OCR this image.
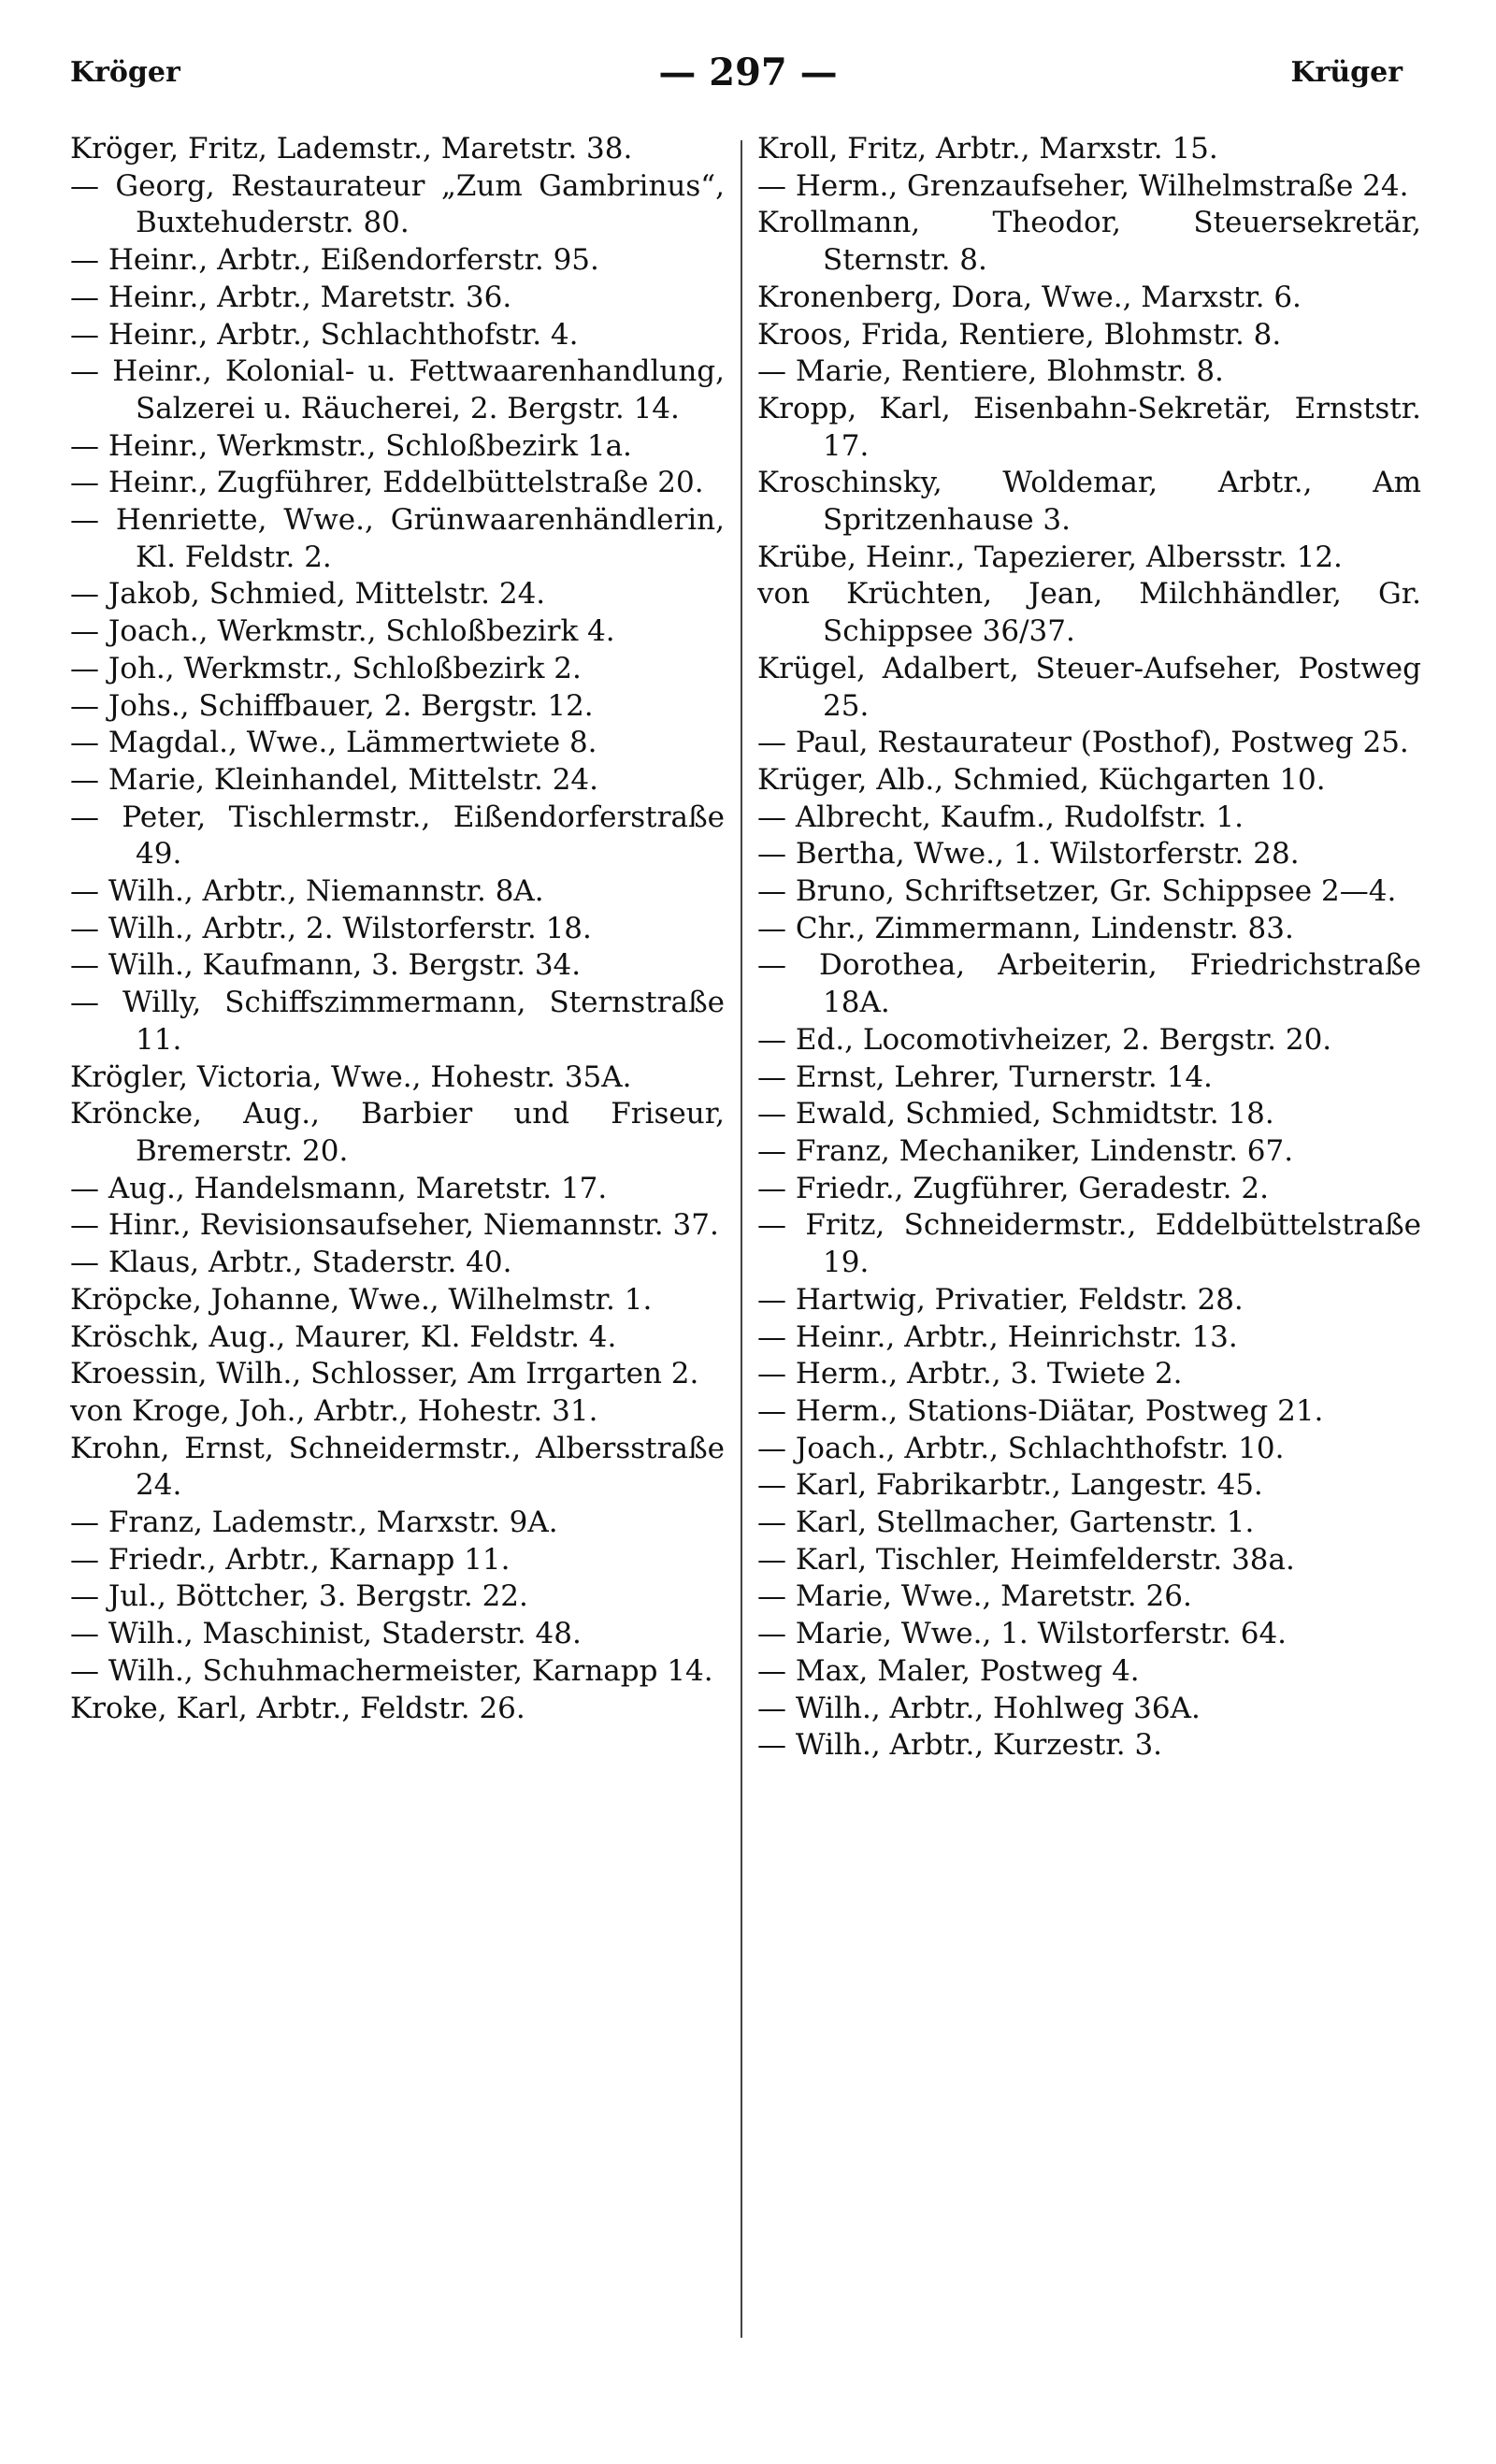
Kröger	— 297 —	Krüger

Kröger, Fritz, Lademstr., Maretstr. 38.

— Georg, Restaurateur „Zum Gambrinus“, Buxtehuderstr. 80.

— Heinr., Arbtr., Eißendorferstr. 95.

— Heinr., Arbtr., Maretstr. 36.

— Heinr., Arbtr., Schlachthofstr. 4.

— Heinr., Kolonial- u. Fettwaarenhandlung, Salzerei u. Räucherei, 2. Bergstr. 14.

— Heinr., Werkmstr., Schloßbezirk 1a.

— Heinr., Zugführer, Eddelbüttelstraße 20.

— Henriette, Wwe., Grünwaarenhändlerin, Kl. Feldstr. 2.

— Jakob, Schmied, Mittelstr. 24.

— Joach., Werkmstr., Schloßbezirk 4.

— Joh., Werkmstr., Schloßbezirk 2.

— Johs., Schiffbauer, 2. Bergstr. 12.

— Magdal., Wwe., Lämmertwiete 8.

— Marie, Kleinhandel, Mittelstr. 24.

— Peter, Tischlermstr., Eißendorferstraße 49.

— Wilh., Arbtr., Niemannstr. 8A.

— Wilh., Arbtr., 2. Wilstorferstr. 18.

— Wilh., Kaufmann, 3. Bergstr. 34.

— Willy, Schiffszimmermann, Sternstraße 11.

Krögler, Victoria, Wwe., Hohestr. 35A.

Kröncke, Aug., Barbier und Friseur, Bremerstr. 20.

— Aug., Handelsmann, Maretstr. 17.

— Hinr., Revisionsaufseher, Niemannstr. 37.

— Klaus, Arbtr., Staderstr. 40.

Kröpcke, Johanne, Wwe., Wilhelmstr. 1.

Kröschk, Aug., Maurer, Kl. Feldstr. 4.

Kroessin, Wilh., Schlosser, Am Irrgarten 2.

von Kroge, Joh., Arbtr., Hohestr. 31.

Krohn, Ernst, Schneidermstr., Albersstraße 24.

— Franz, Lademstr., Marxstr. 9A.

— Friedr., Arbtr., Karnapp 11.

— Jul., Böttcher, 3. Bergstr. 22.

— Wilh., Maschinist, Staderstr. 48.

— Wilh., Schuhmachermeister, Karnapp 14.

Kroke, Karl, Arbtr., Feldstr. 26.

Kroll, Fritz, Arbtr., Marxstr. 15.

— Herm., Grenzaufseher, Wilhelmstraße 24.

Krollmann, Theodor, Steuersekretär, Sternstr. 8.

Kronenberg, Dora, Wwe., Marxstr. 6.

Kroos, Frida, Rentiere, Blohmstr. 8.

— Marie, Rentiere, Blohmstr. 8.

Kropp, Karl, Eisenbahn-Sekretär, Ernststr. 17.

Kroschinsky, Woldemar, Arbtr., Am Spritzenhause 3.

Krübe, Heinr., Tapezierer, Albersstr. 12.

von Krüchten, Jean, Milchhändler, Gr. Schippsee 36/37.

Krügel, Adalbert, Steuer-Aufseher, Postweg 25.

— Paul, Restaurateur (Posthof), Postweg 25.

Krüger, Alb., Schmied, Küchgarten 10.

— Albrecht, Kaufm., Rudolfstr. 1.

— Bertha, Wwe., 1. Wilstorferstr. 28.

— Bruno, Schriftsetzer, Gr. Schippsee 2—4.

— Chr., Zimmermann, Lindenstr. 83.

— Dorothea, Arbeiterin, Friedrichstraße 18A.

— Ed., Locomotivheizer, 2. Bergstr. 20.

— Ernst, Lehrer, Turnerstr. 14.

— Ewald, Schmied, Schmidtstr. 18.

— Franz, Mechaniker, Lindenstr. 67.

— Friedr., Zugführer, Geradestr. 2.

— Fritz, Schneidermstr., Eddelbüttelstraße 19.

— Hartwig, Privatier, Feldstr. 28.

— Heinr., Arbtr., Heinrichstr. 13.

— Herm., Arbtr., 3. Twiete 2.

— Herm., Stations-Diätar, Postweg 21.

— Joach., Arbtr., Schlachthofstr. 10.

— Karl, Fabrikarbtr., Langestr. 45.

— Karl, Stellmacher, Gartenstr. 1.

— Karl, Tischler, Heimfelderstr. 38a.

— Marie, Wwe., Maretstr. 26.

— Marie, Wwe., 1. Wilstorferstr. 64.

— Max, Maler, Postweg 4.

— Wilh., Arbtr., Hohlweg 36A.

— Wilh., Arbtr., Kurzestr. 3.
